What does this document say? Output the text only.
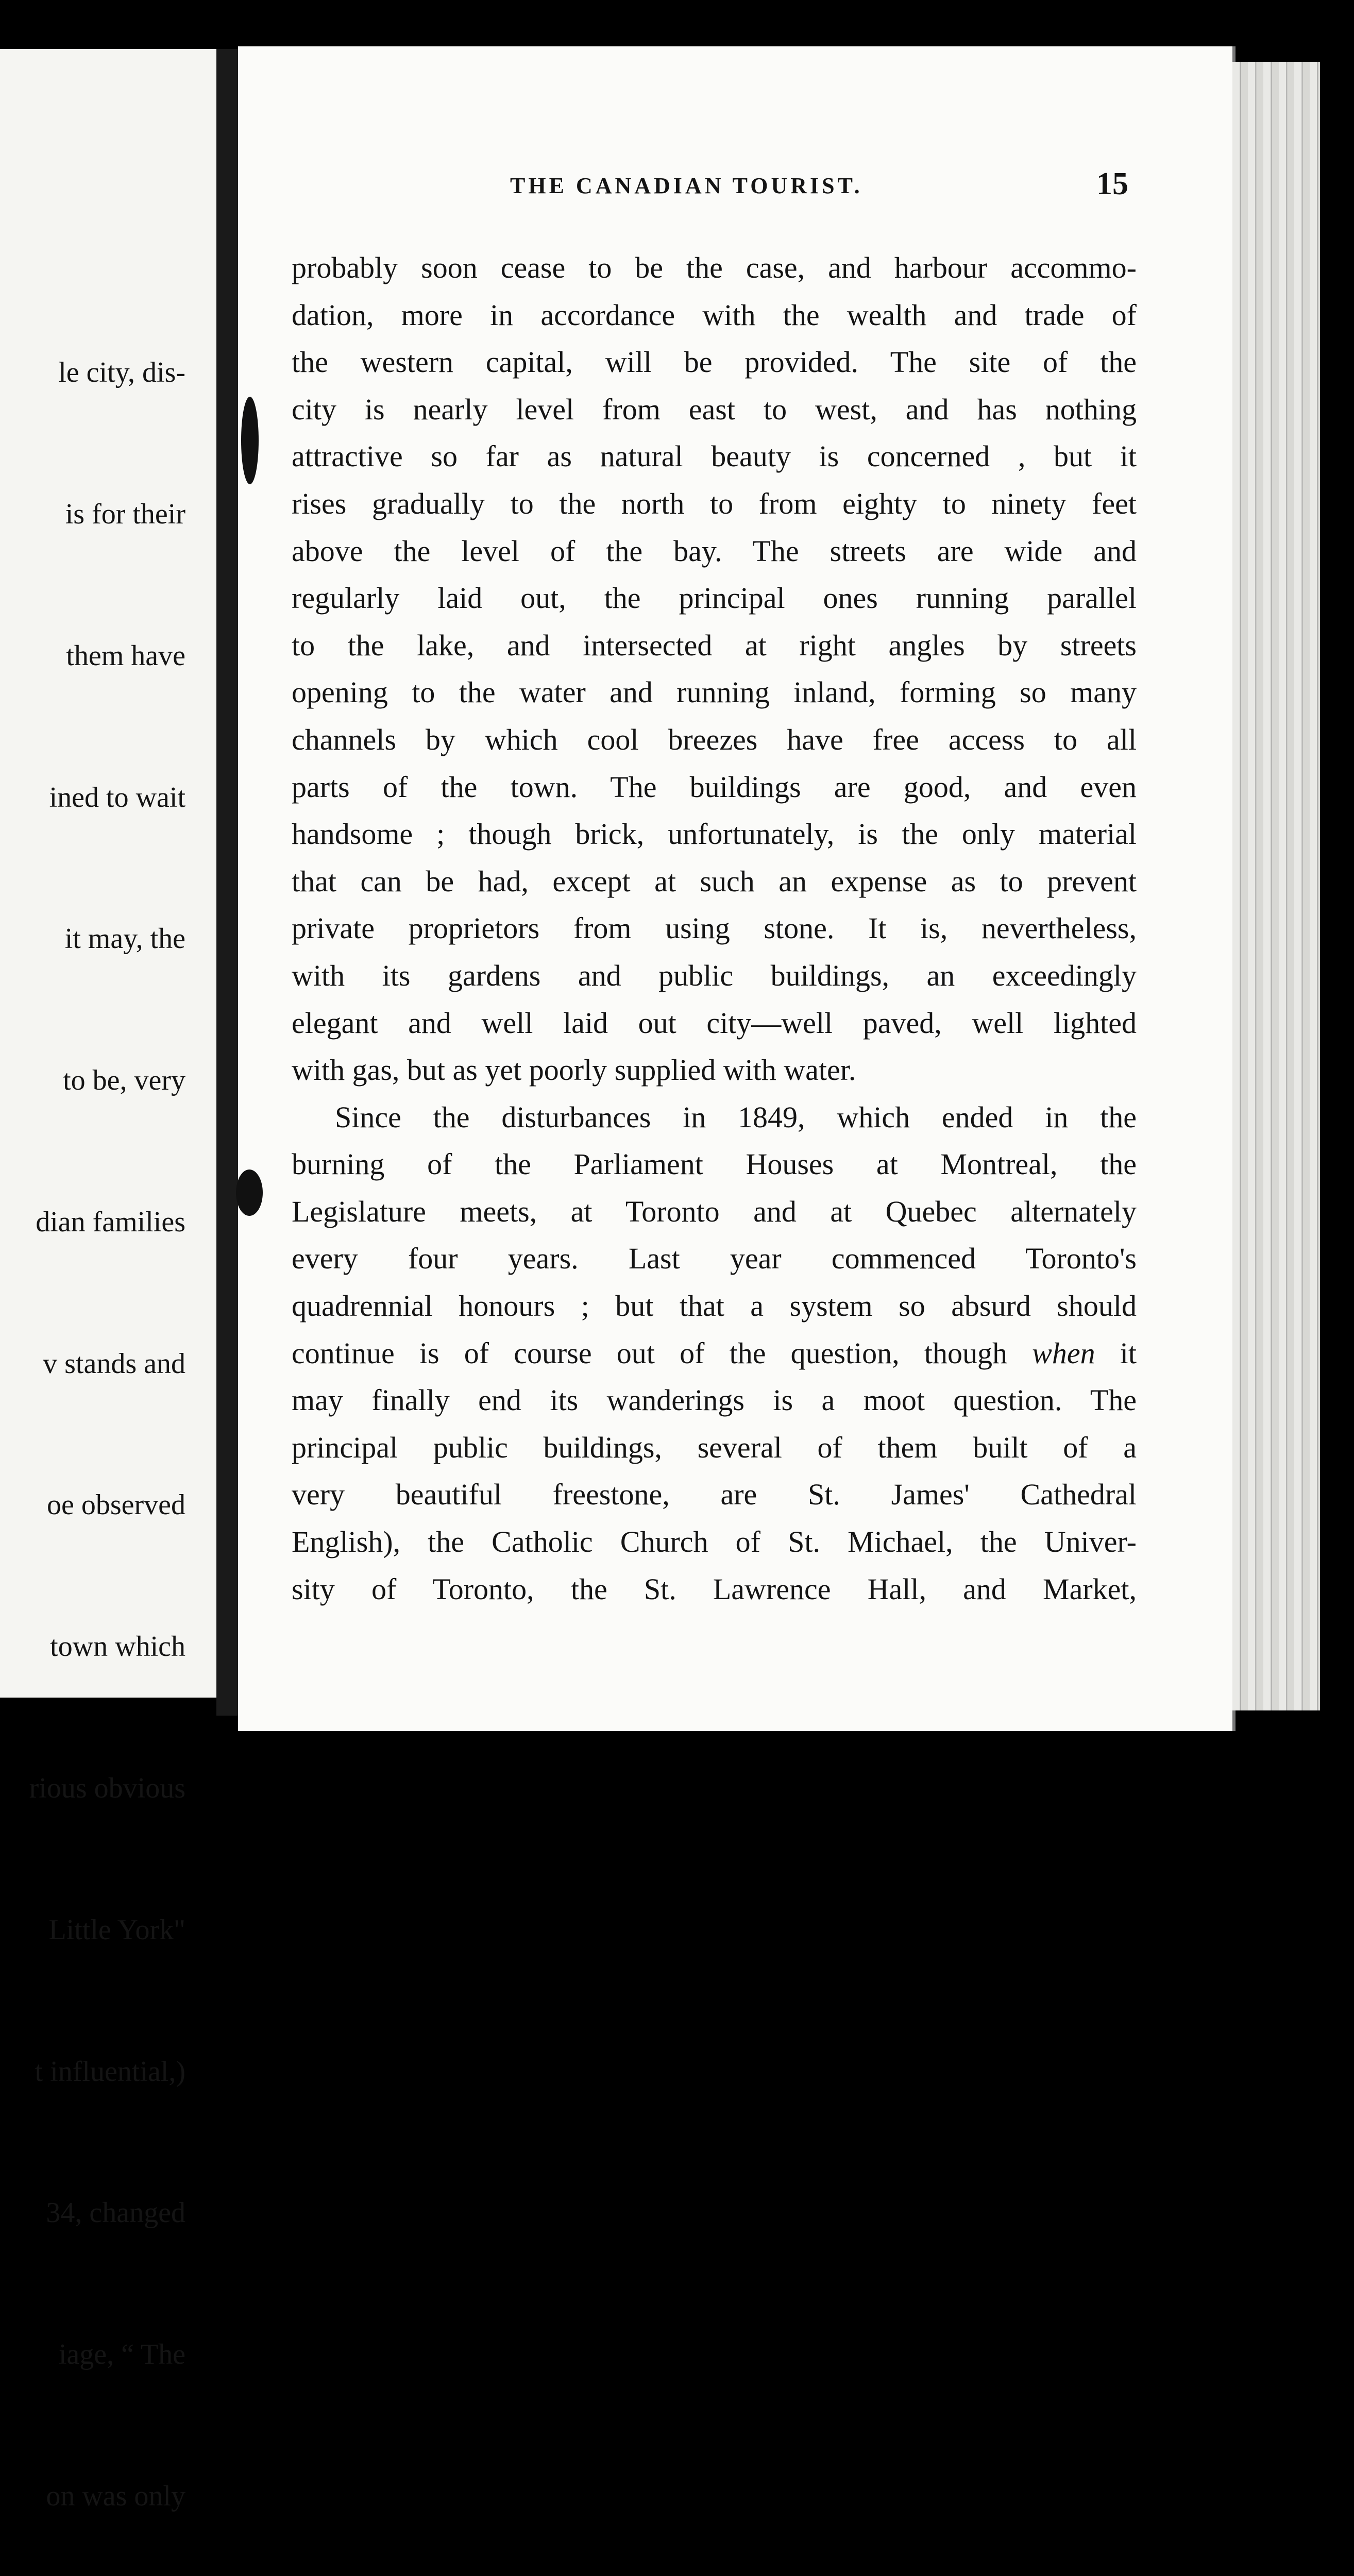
le city, dis-

is for their

them have

ined to wait

it may, the

to be, very

dian families

v stands and

oe observed

town which

rious obvious

Little York"

t influential,)

34, changed

iage, “ The

on was only

THE CANADIAN TOURIST.	15
probably soon cease to be the case, and harbour accommo-
dation, more in accordance with the wealth and trade of
the western capital, will be provided. The site of the
city is nearly level from east to west, and has nothing
attractive so far as natural beauty is concerned , but it
rises gradually to the north to from eighty to ninety feet
above the level of the bay. The streets are wide and
regularly laid out, the principal ones running parallel
to the lake, and intersected at right angles by streets
opening to the water and running inland, forming so many
channels by which cool breezes have free access to all
parts of the town. The buildings are good, and even
handsome ; though brick, unfortunately, is the only material
that can be had, except at such an expense as to prevent
private proprietors from using stone. It is, nevertheless,
with its gardens and public buildings, an exceedingly
elegant and well laid out city—well paved, well lighted
with gas, but as yet poorly supplied with water.
Since the disturbances in 1849, which ended in the
burning of the Parliament Houses at Montreal, the
Legislature meets, at Toronto and at Quebec alternately
every four years. Last year commenced Toronto's
quadrennial honours ; but that a system so absurd should
continue is of course out of the question, though when it
may finally end its wanderings is a moot question. The
principal public buildings, several of them built of a
very beautiful freestone, are St. James' Cathedral
English), the Catholic Church of St. Michael, the Univer-
sity of Toronto, the St. Lawrence Hall, and Market,
